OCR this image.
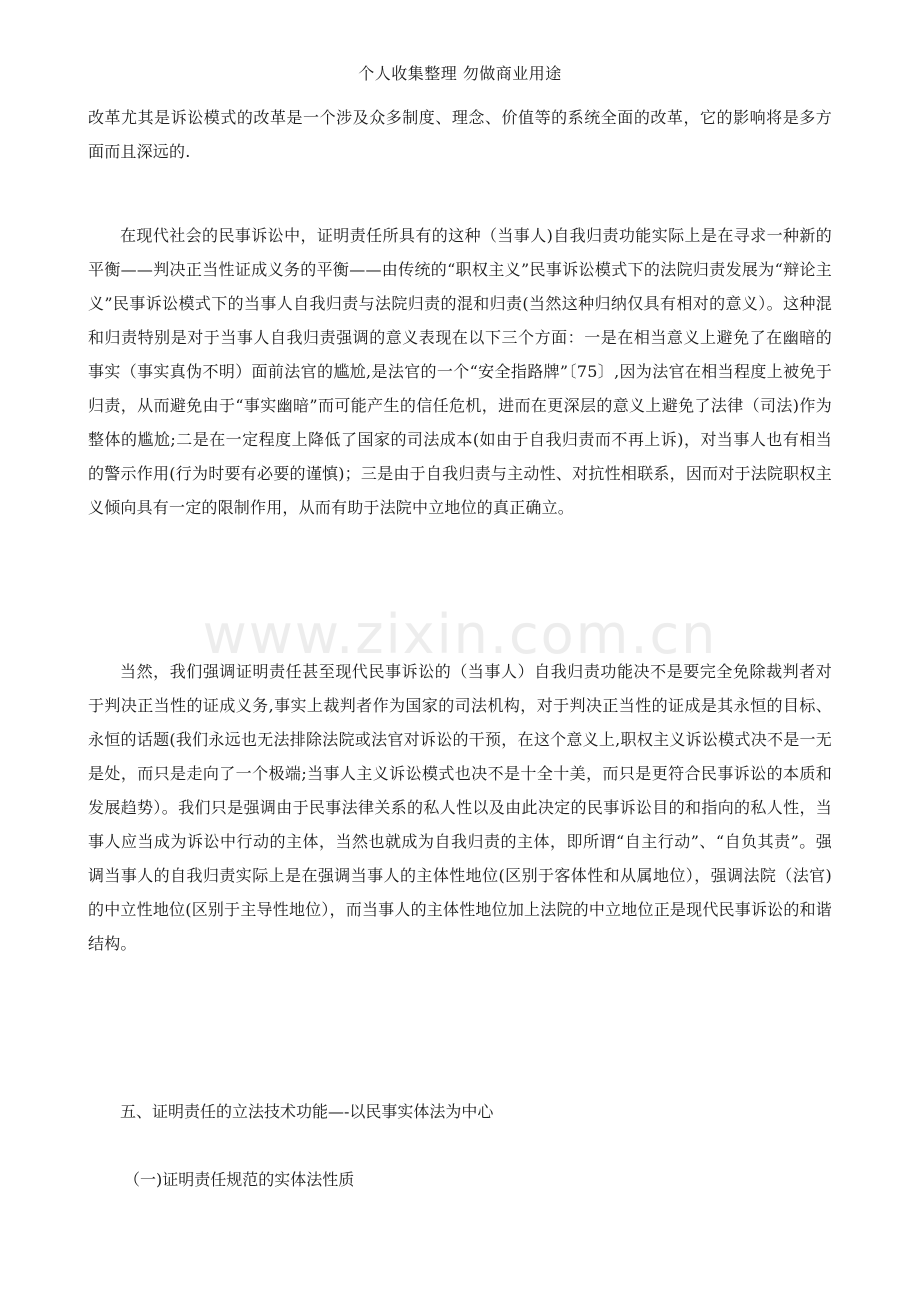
个人收集整理 勿做商业用途
www.zixin.com.cn
改革尤其是诉讼模式的改革是一个涉及众多制度、理念、价值等的系统全面的改革，它的影响将是多方面而且深远的.
在现代社会的民事诉讼中，证明责任所具有的这种（当事人)自我归责功能实际上是在寻求一种新的平衡——判决正当性证成义务的平衡——由传统的“职权主义”民事诉讼模式下的法院归责发展为“辩论主义”民事诉讼模式下的当事人自我归责与法院归责的混和归责(当然这种归纳仅具有相对的意义）。这种混和归责特别是对于当事人自我归责强调的意义表现在以下三个方面：一是在相当意义上避免了在幽暗的事实（事实真伪不明）面前法官的尴尬,是法官的一个“安全指路牌”〔75〕,因为法官在相当程度上被免于归责，从而避免由于“事实幽暗”而可能产生的信任危机，进而在更深层的意义上避免了法律（司法)作为整体的尴尬;二是在一定程度上降低了国家的司法成本(如由于自我归责而不再上诉)，对当事人也有相当的警示作用(行为时要有必要的谨慎)；三是由于自我归责与主动性、对抗性相联系，因而对于法院职权主义倾向具有一定的限制作用，从而有助于法院中立地位的真正确立。
当然，我们强调证明责任甚至现代民事诉讼的（当事人）自我归责功能决不是要完全免除裁判者对于判决正当性的证成义务,事实上裁判者作为国家的司法机构，对于判决正当性的证成是其永恒的目标、永恒的话题(我们永远也无法排除法院或法官对诉讼的干预，在这个意义上,职权主义诉讼模式决不是一无是处，而只是走向了一个极端;当事人主义诉讼模式也决不是十全十美，而只是更符合民事诉讼的本质和发展趋势）。我们只是强调由于民事法律关系的私人性以及由此决定的民事诉讼目的和指向的私人性，当事人应当成为诉讼中行动的主体，当然也就成为自我归责的主体，即所谓“自主行动”、“自负其责”。强调当事人的自我归责实际上是在强调当事人的主体性地位(区别于客体性和从属地位），强调法院（法官)的中立性地位(区别于主导性地位），而当事人的主体性地位加上法院的中立地位正是现代民事诉讼的和谐结构。
五、证明责任的立法技术功能—-以民事实体法为中心
（一)证明责任规范的实体法性质
